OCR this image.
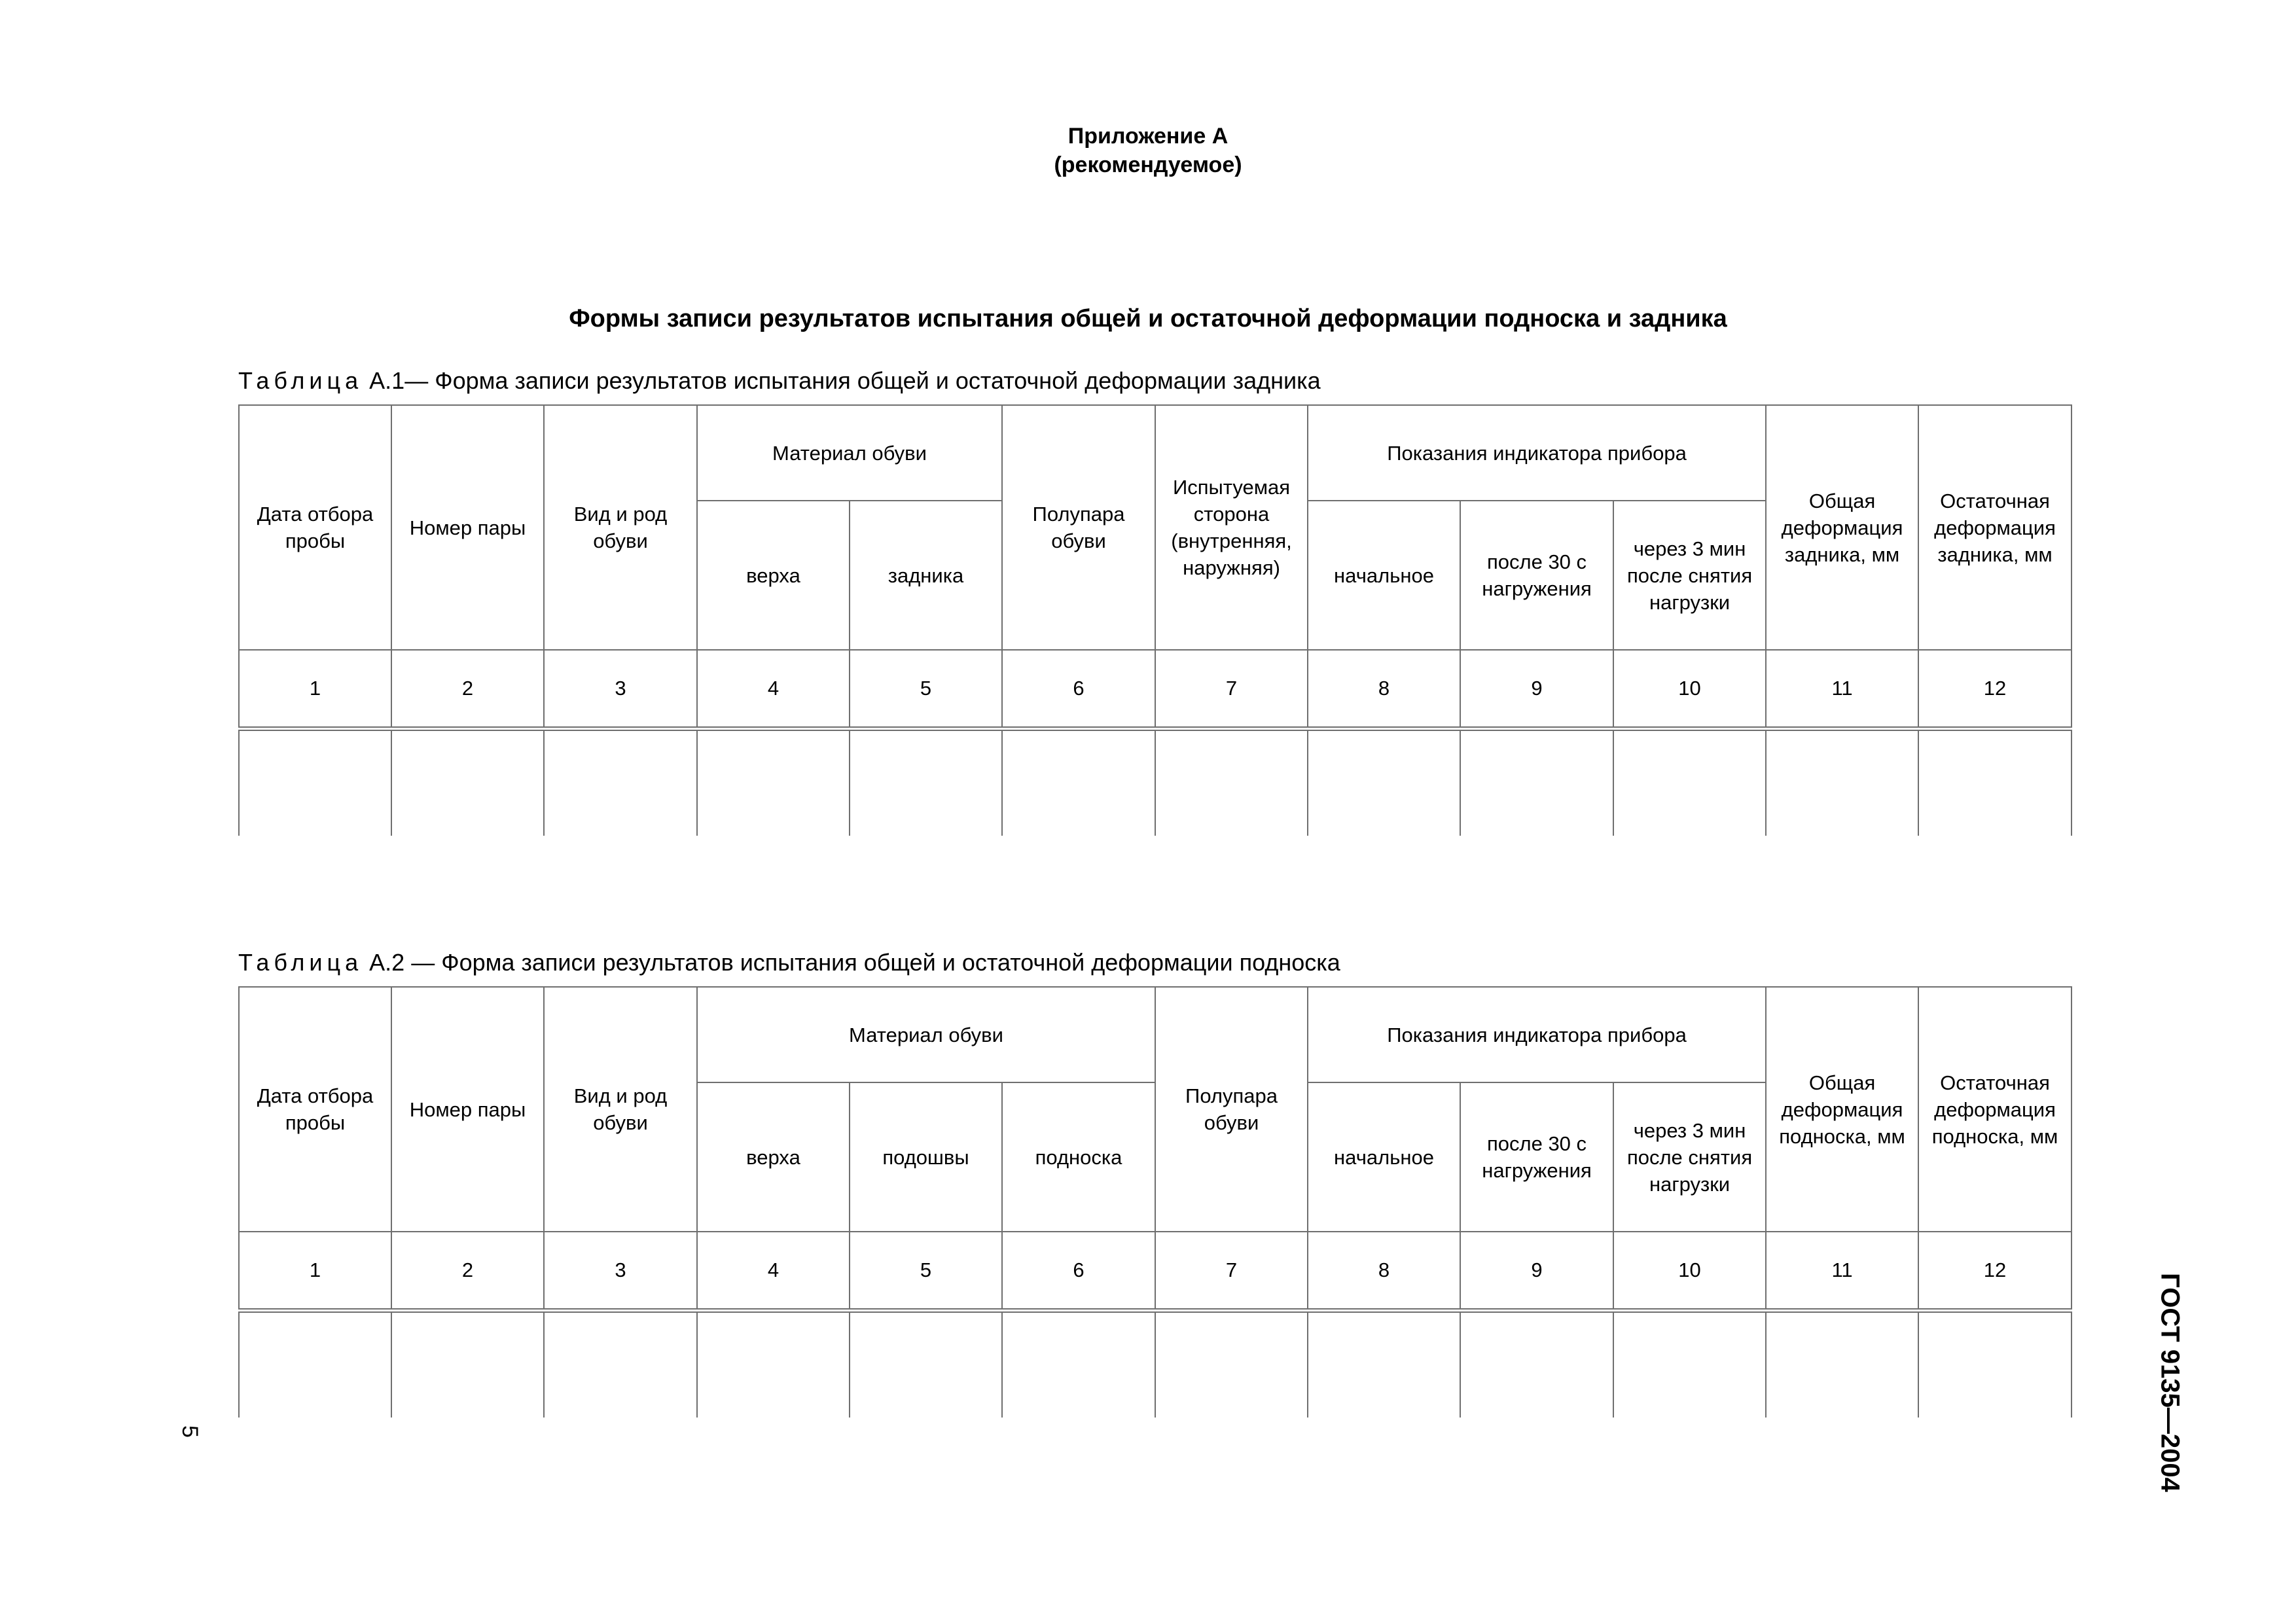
Приложение А
(рекомендуемое)
Формы записи результатов испытания общей и остаточной деформации подноска и задника
Таблица А.1— Форма записи результатов испытания общей и остаточной деформации задника
Дата отбора пробы	Номер пары	Вид и род обуви	Материал обуви		Полупара обуви	Испытуемая сторона (внутренняя, наружняя)	Показания индикатора прибора			Общая деформация задника, мм	Остаточная деформация задника, мм
			верха	задника			начальное	после 30 с нагружения	через 3 мин после снятия нагрузки		
1	2	3	4	5	6	7	8	9	10	11	12

Таблица А.2 — Форма записи результатов испытания общей и остаточной деформации подноска
Дата отбора пробы	Номер пары	Вид и род обуви	Материал обуви			Полупара обуви	Показания индикатора прибора			Общая деформация подноска, мм	Остаточная деформация подноска, мм
			верха	подошвы	подноска		начальное	после 30 с нагружения	через 3 мин после снятия нагрузки		
1	2	3	4	5	6	7	8	9	10	11	12

5	ГОСТ 9135—2004
